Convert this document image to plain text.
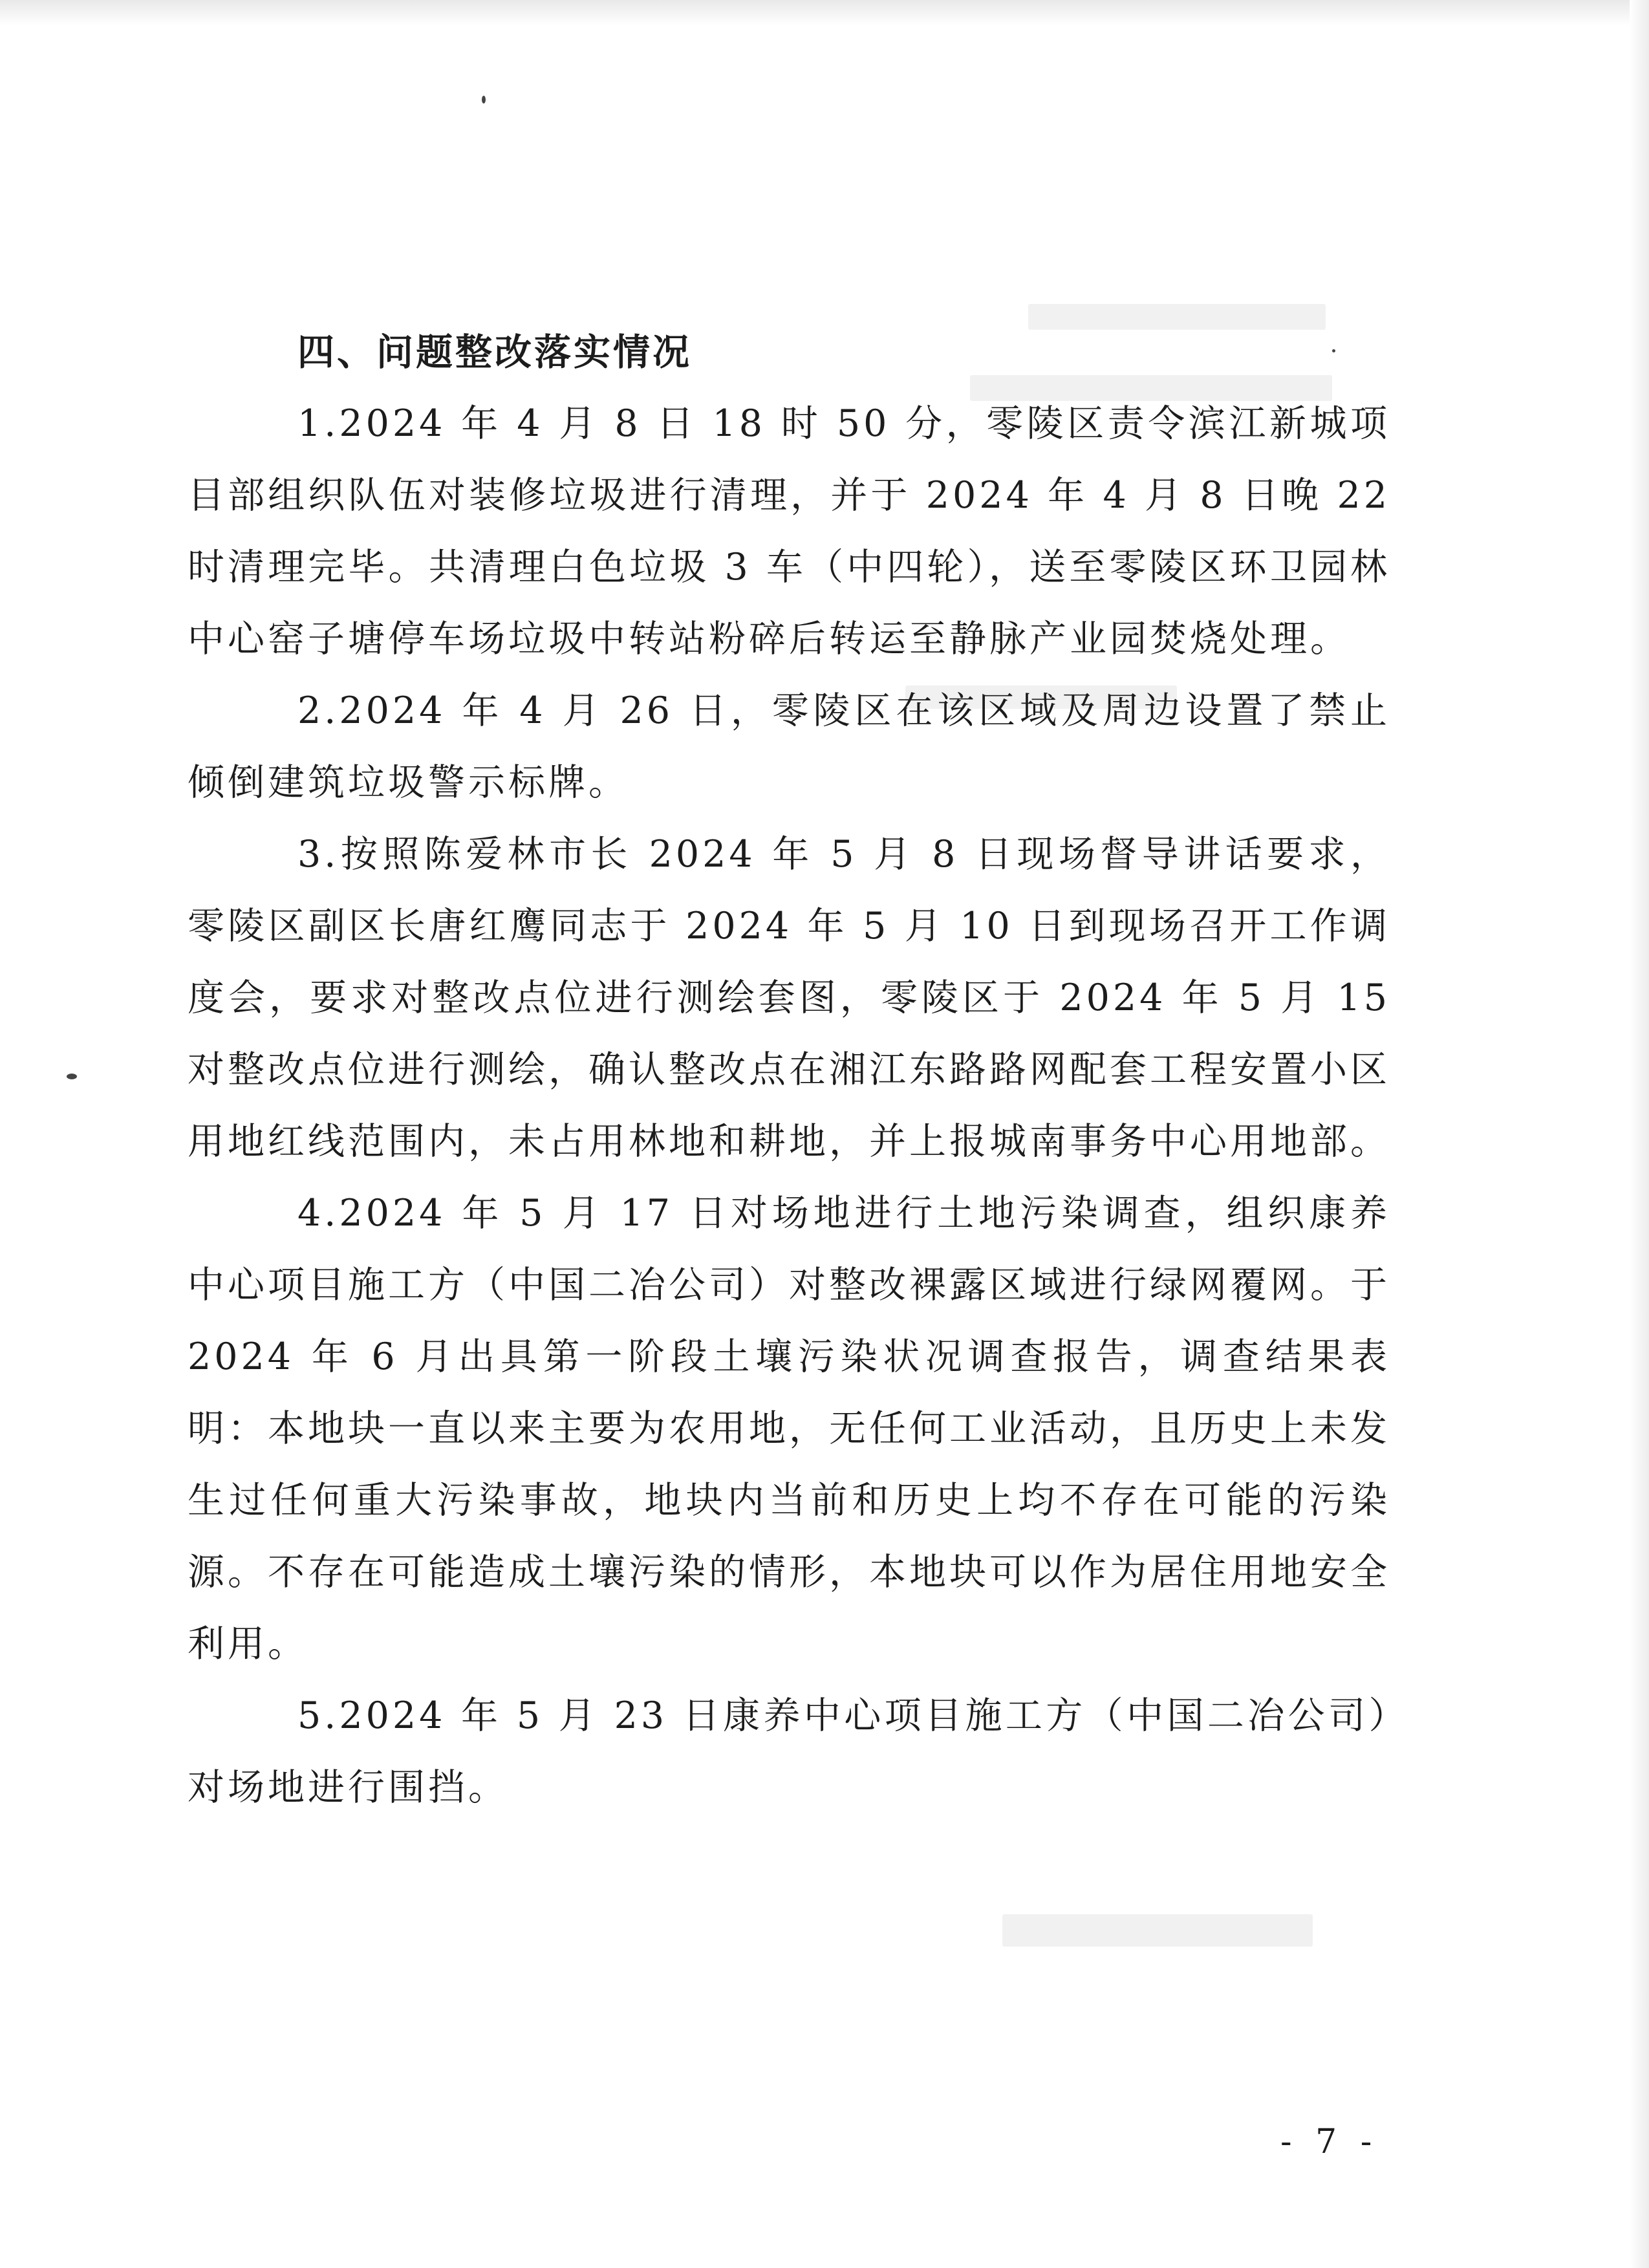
四、问题整改落实情况

1.2024 年 4 月 8 日 18 时 50 分，零陵区责令滨江新城项目部组织队伍对装修垃圾进行清理，并于 2024 年 4 月 8 日晚 22 时清理完毕。共清理白色垃圾 3 车（中四轮），送至零陵区环卫园林中心窑子塘停车场垃圾中转站粉碎后转运至静脉产业园焚烧处理。

2.2024 年 4 月 26 日，零陵区在该区域及周边设置了禁止倾倒建筑垃圾警示标牌。

3.按照陈爱林市长 2024 年 5 月 8 日现场督导讲话要求，零陵区副区长唐红鹰同志于 2024 年 5 月 10 日到现场召开工作调度会，要求对整改点位进行测绘套图，零陵区于 2024 年 5 月 15 对整改点位进行测绘，确认整改点在湘江东路路网配套工程安置小区用地红线范围内，未占用林地和耕地，并上报城南事务中心用地部。

4.2024 年 5 月 17 日对场地进行土地污染调查，组织康养中心项目施工方（中国二冶公司）对整改裸露区域进行绿网覆网。于 2024 年 6 月出具第一阶段土壤污染状况调查报告，调查结果表明：本地块一直以来主要为农用地，无任何工业活动，且历史上未发生过任何重大污染事故，地块内当前和历史上均不存在可能的污染源。不存在可能造成土壤污染的情形，本地块可以作为居住用地安全利用。

5.2024 年 5 月 23 日康养中心项目施工方（中国二冶公司）对场地进行围挡。

- 7 -
